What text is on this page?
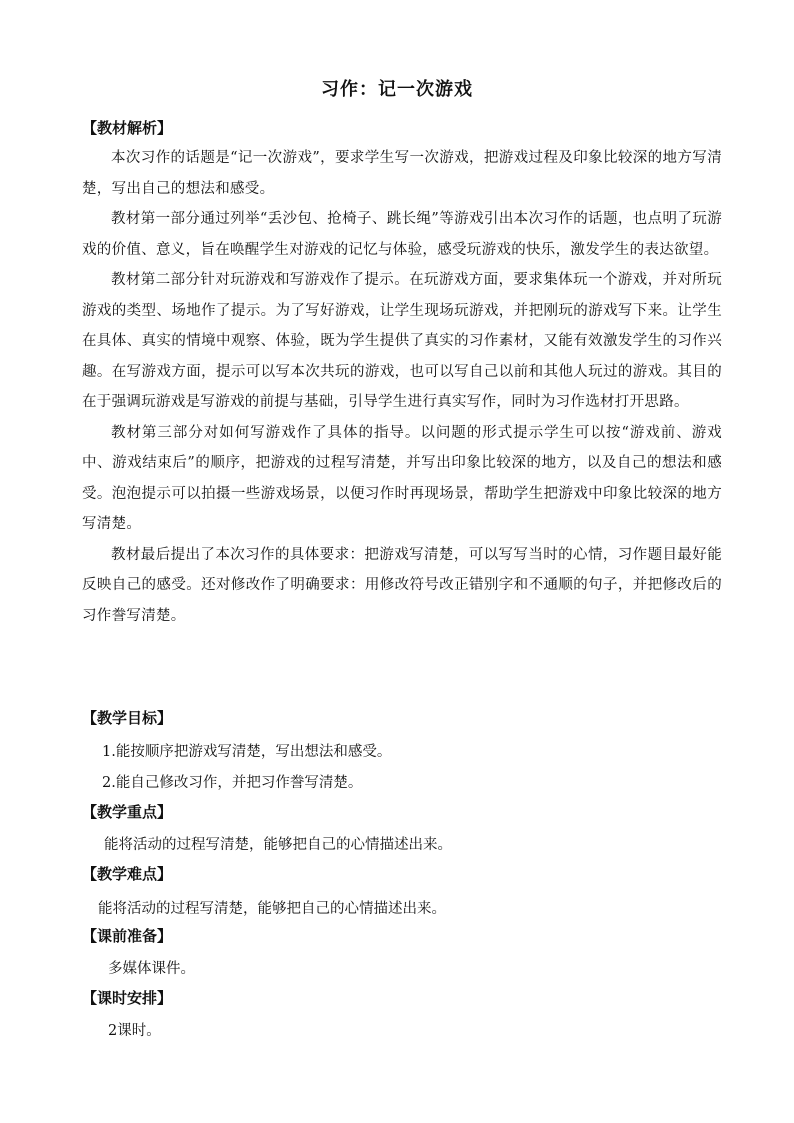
习作：记一次游戏
【教材解析】

本次习作的话题是“记一次游戏”，要求学生写一次游戏，把游戏过程及印象比较深的地方写清楚，写出自己的想法和感受。

教材第一部分通过列举“丢沙包、抢椅子、跳长绳”等游戏引出本次习作的话题，也点明了玩游戏的价值、意义，旨在唤醒学生对游戏的记忆与体验，感受玩游戏的快乐，激发学生的表达欲望。

教材第二部分针对玩游戏和写游戏作了提示。在玩游戏方面，要求集体玩一个游戏，并对所玩游戏的类型、场地作了提示。为了写好游戏，让学生现场玩游戏，并把刚玩的游戏写下来。让学生在具体、真实的情境中观察、体验，既为学生提供了真实的习作素材，又能有效激发学生的习作兴趣。在写游戏方面，提示可以写本次共玩的游戏，也可以写自己以前和其他人玩过的游戏。其目的在于强调玩游戏是写游戏的前提与基础，引导学生进行真实写作，同时为习作选材打开思路。

教材第三部分对如何写游戏作了具体的指导。以问题的形式提示学生可以按“游戏前、游戏中、游戏结束后”的顺序，把游戏的过程写清楚，并写出印象比较深的地方，以及自己的想法和感受。泡泡提示可以拍摄一些游戏场景，以便习作时再现场景，帮助学生把游戏中印象比较深的地方写清楚。

教材最后提出了本次习作的具体要求：把游戏写清楚，可以写写当时的心情，习作题目最好能反映自己的感受。还对修改作了明确要求：用修改符号改正错别字和不通顺的句子，并把修改后的习作誊写清楚。

【教学目标】
1.能按顺序把游戏写清楚，写出想法和感受。
2.能自己修改习作，并把习作誊写清楚。
【教学重点】
能将活动的过程写清楚，能够把自己的心情描述出来。
【教学难点】
能将活动的过程写清楚，能够把自己的心情描述出来。
【课前准备】
多媒体课件。
【课时安排】
2课时。
